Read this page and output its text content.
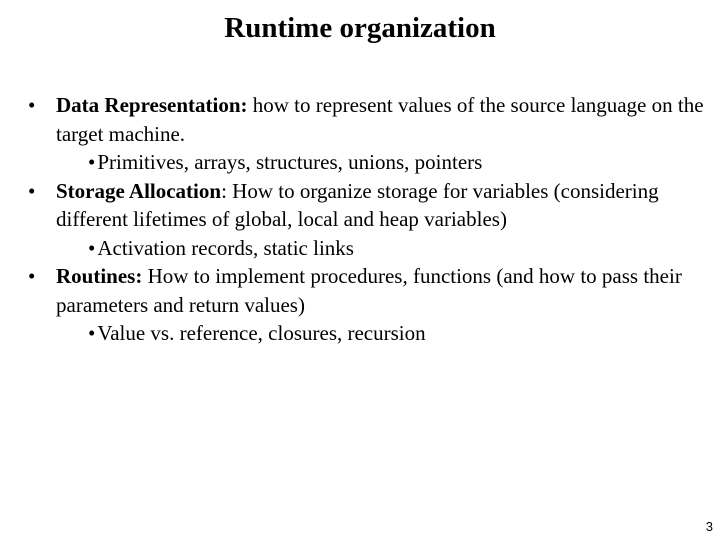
Runtime organization
• Data Representation: how to represent values of the source language on the target machine.
•Primitives, arrays, structures, unions, pointers
• Storage Allocation: How to organize storage for variables (considering different lifetimes of global, local and heap variables)
•Activation records, static links
• Routines: How to implement procedures, functions (and how to pass their parameters and return values)
•Value vs. reference, closures, recursion
3
